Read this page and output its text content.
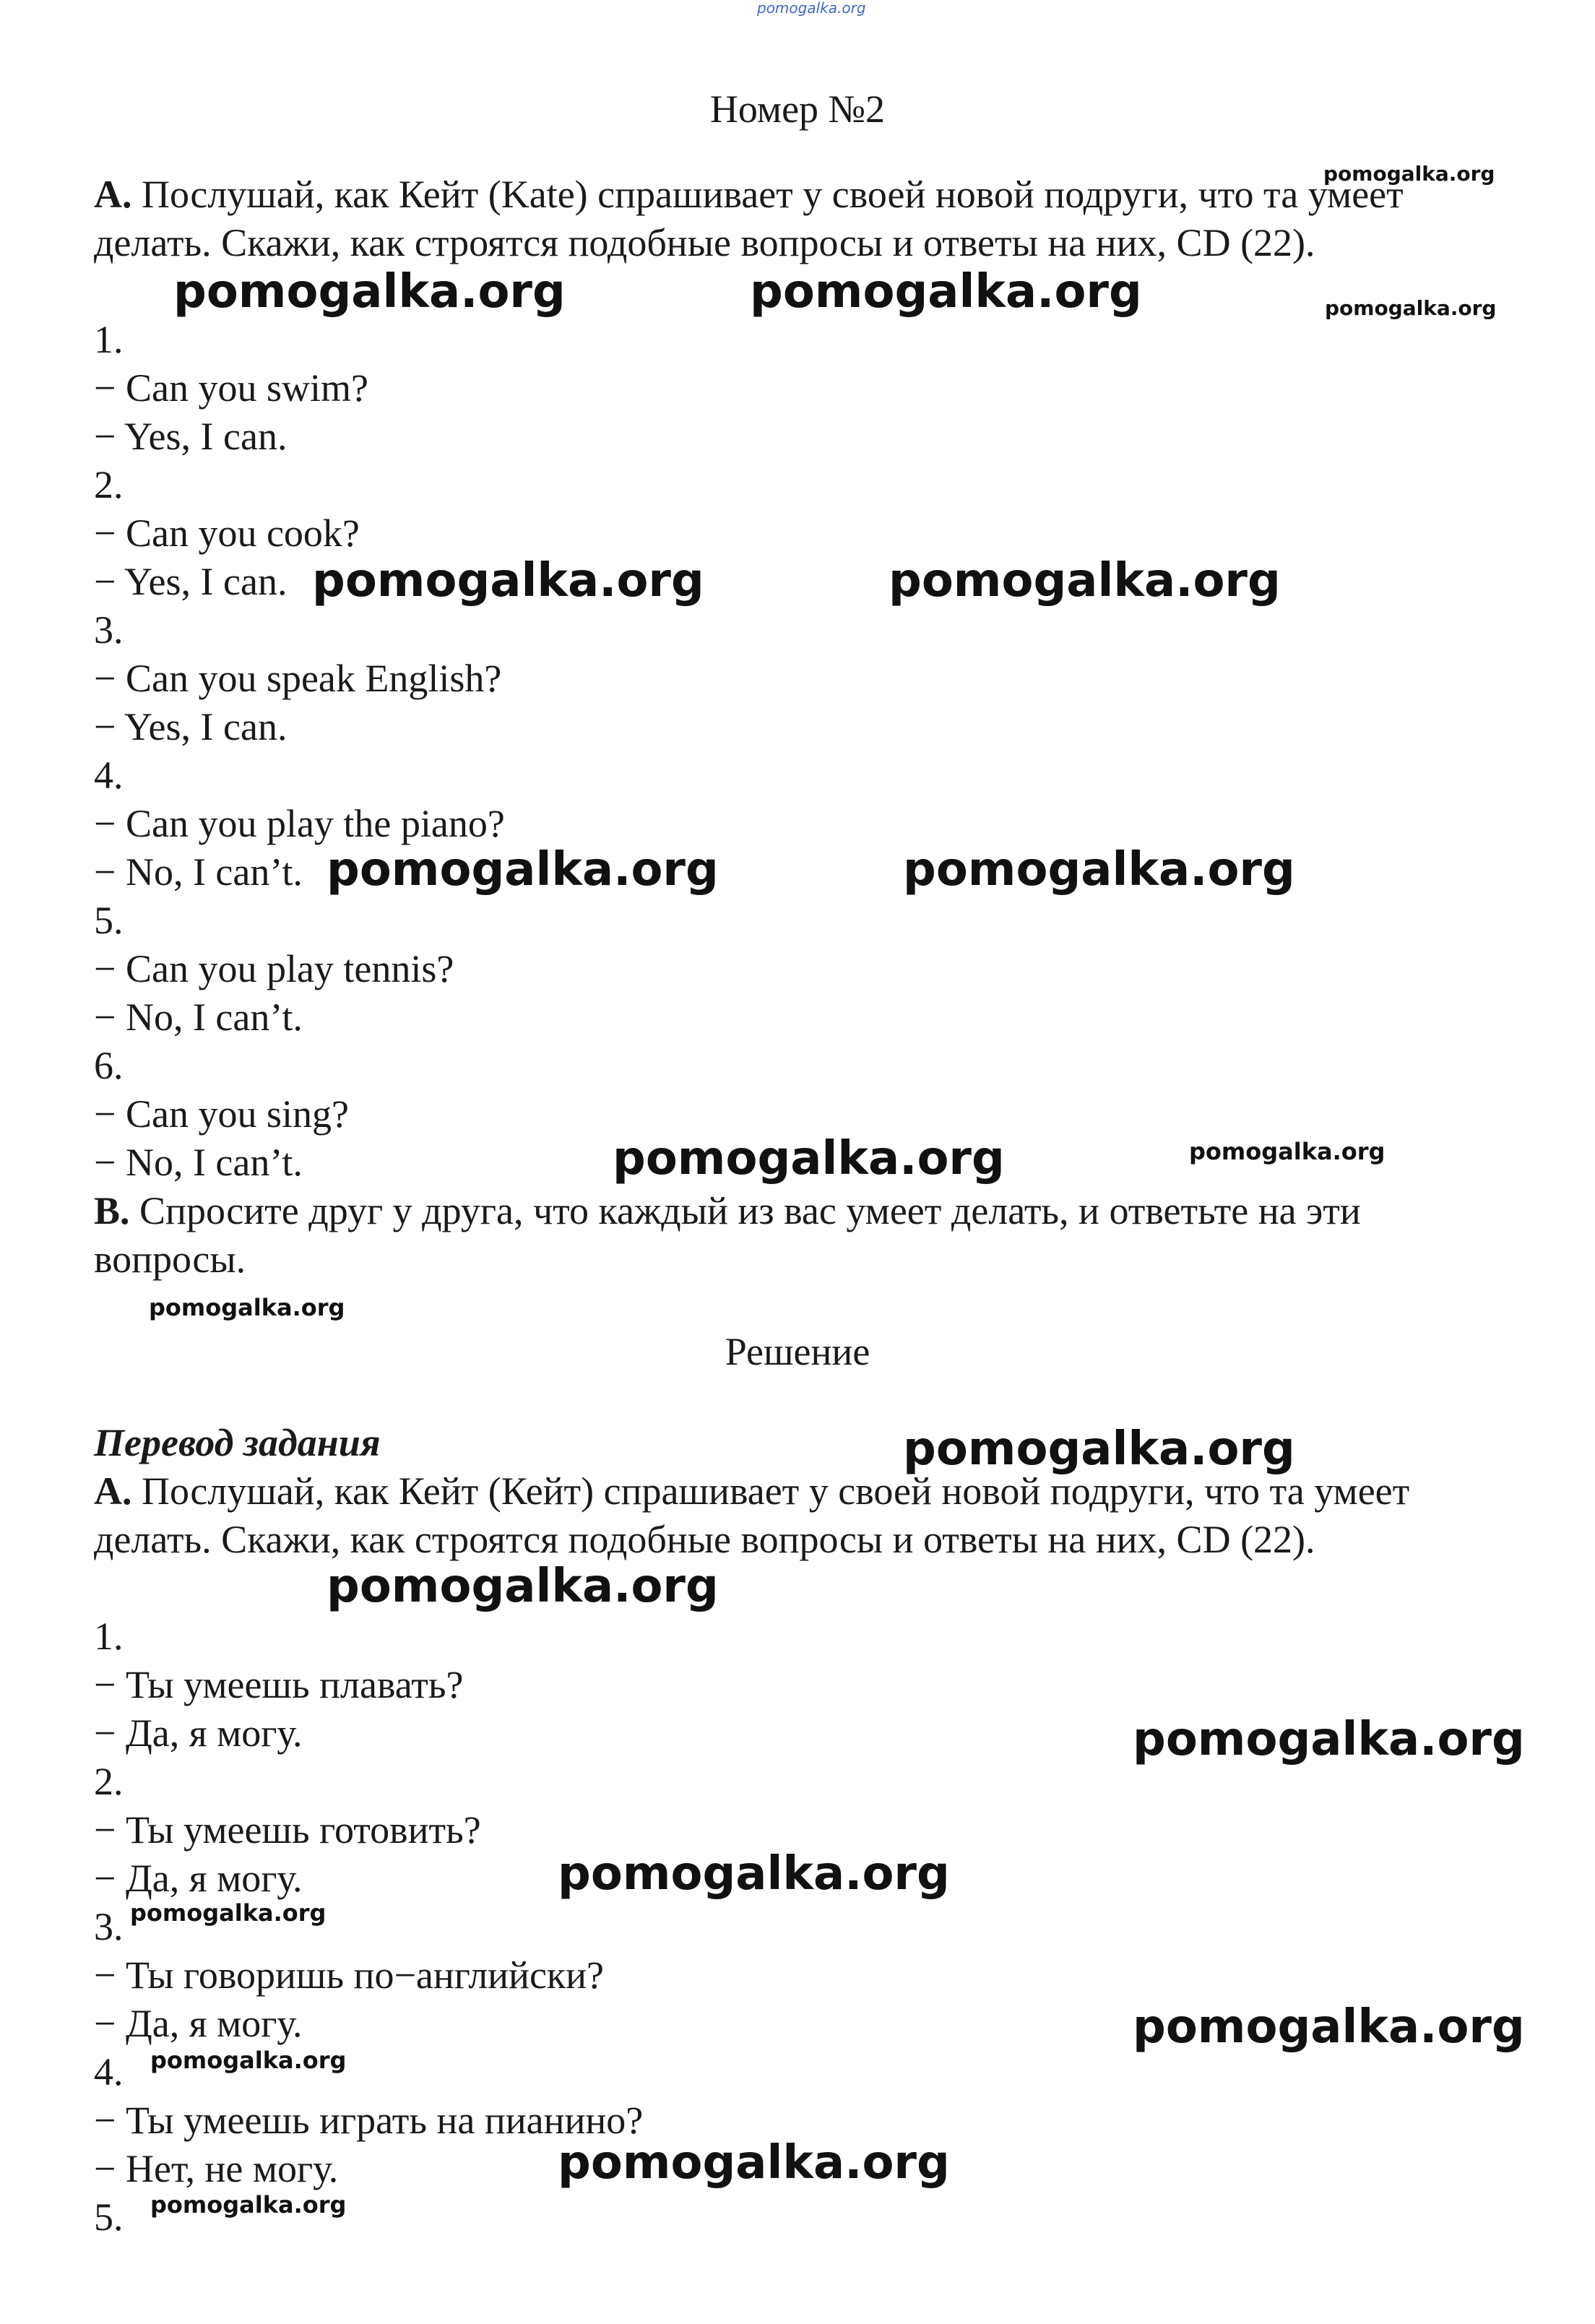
pomogalka.org
Номер №2

A. Послушай, как Кейт (Kate) спрашивает у своей новой подруги, что та умеет делать. Скажи, как строятся подобные вопросы и ответы на них, CD (22).

1.
− Can you swim?
− Yes, I can.
2.
− Can you cook?
− Yes, I can.
3.
− Can you speak English?
− Yes, I can.
4.
− Can you play the piano?
− No, I can’t.
5.
− Can you play tennis?
− No, I can’t.
6.
− Can you sing?
− No, I can’t.

B. Спросите друг у друга, что каждый из вас умеет делать, и ответьте на эти вопросы.

Решение
Перевод задания

A. Послушай, как Кейт (Кейт) спрашивает у своей новой подруги, что та умеет делать. Скажи, как строятся подобные вопросы и ответы на них, CD (22).

1.
− Ты умеешь плавать?
− Да, я могу.
2.
− Ты умеешь готовить?
− Да, я могу.
3.
− Ты говоришь по−английски?
− Да, я могу.
4.
− Ты умеешь играть на пианино?
− Нет, не могу.
5.
pomogalka.org
pomogalka.org	pomogalka.org	pomogalka.org
pomogalka.org	pomogalka.org
pomogalka.org	pomogalka.org
pomogalka.org	pomogalka.org
pomogalka.org
pomogalka.org
pomogalka.org
pomogalka.org
pomogalka.org
pomogalka.org
pomogalka.org
pomogalka.org
pomogalka.org
pomogalka.org
